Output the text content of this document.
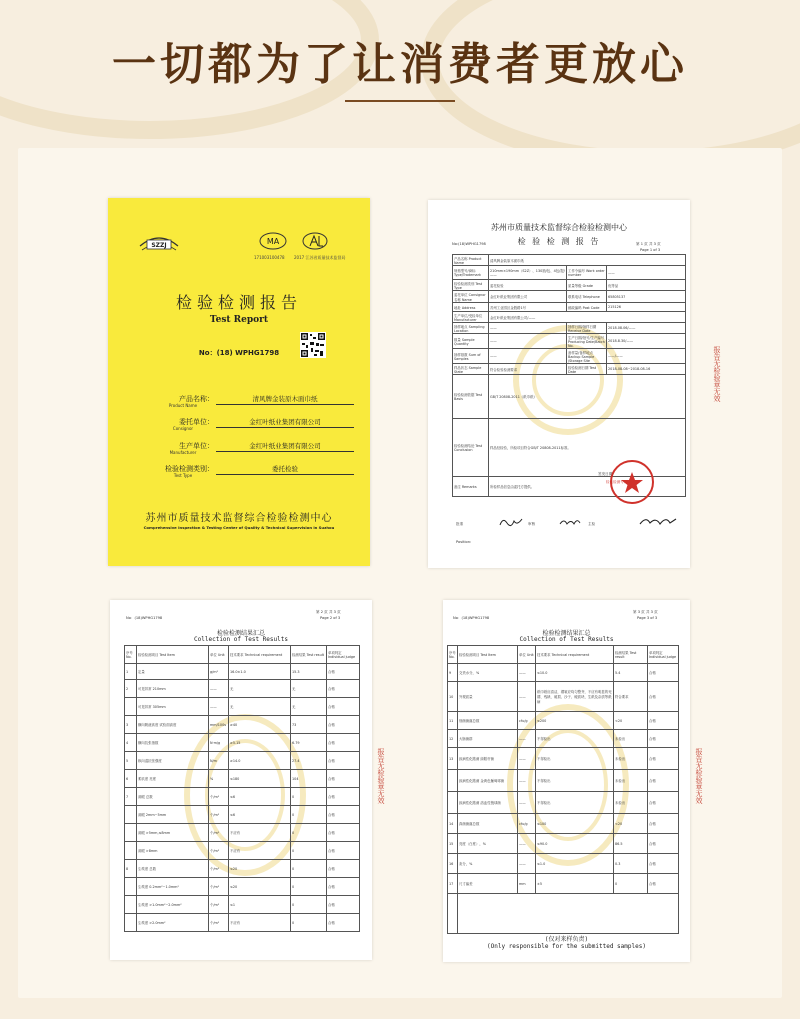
一切都为了让消费者更放心
SZZJ	MA
171003100478 2017 江苏省质量技术监督局
检验检测报告
Test Report
No：(18) WPHG1798
产品名称：
Product Name
清风牌金装原木面巾纸
委托单位：
Consignor
金红叶纸业集团有限公司
生产单位：
Manufacturer
金红叶纸业集团有限公司
检验检测类别：
Test Type
委托检验
苏州市质量技术监督综合检验检测中心
Comprehensive Inspection & Testing Center of Quality & Technical Supervision in Suzhou
苏州市质量技术监督综合检验检测中心
检 验 检 测 报 告
No:(18)WPHG1798	第 1 页 共 3 页
Page 1 of 3
产品名称 Product Name	清风牌金装原木面巾纸		
规格型号/商标 Type/Trademark	210mm×190mm（S2Z）、130抽/包、4包/提/——	工作令编号 Work order number	——
检验检测类别 Test Type	委托检验	质量等级 Grade	优等品
委托单位 Consignor 名称 Name	金红叶纸业集团有限公司	联系电话 Telephone	65805137
地址 Address	苏州工业园区金胜路1号	邮政编码 Post Code	215126
生产单位/受检单位 Manufacturer	金红叶纸业集团有限公司/——		
抽样地点 Sampling Location	——	抽样日期/抽样日期 Receive Date	2018.08.06/——
数量 Sample Quantity	——	生产日期/批号/生产编号 Producing Date/Batch No.	2018.8.30/——
抽样基数 Sum of Samples	——	备样量/备样地点 Backup Sample /Storage Site	——/——
样品状态 Sample State	符合检验检测要求	检验检测日期 Test Date	2018-08-08~2018-08-16
检验检测依据 Test Basis	GB/T 20808-2011《纸巾纸》		
检验检测结论 Test Conclusion	样品经检验，所检项目符合GB/T 20808-2011标准。		
备注 Remarks	所检样品信息由委托方提供。		
检验检测专用章
签发日期：
批准	审核	主检
Position:
报告无检验章无效
No：(18)WPHG1798
第 2 页 共 3 页
Page 2 of 3
检验检测结果汇总
Collection of Test Results
序号 No.	检验检测项目 Test Item	单位 Unit	技术要求 Technical requirement	检测结果 Test result	单项判定 Individual judge
1	定量	g/m²	16.0±1.0	15.3	合格
2	可见异常 210mm	——	无	无	合格
	可见异常 305mm	——	无	无	合格
3	横向吸液高度 试验面高度	mm/100s	≥40	73	合格
4	横向抗张指数	N·m/g	≥5.15	6.79	合格
5	纵向湿抗张强度	N/m	≥14.0	27.4	合格
6	柔软度 亮度	%	≤180	104	合格
7	洞眼 总数	个/m²	≤6	0	合格
	洞眼 2mm~5mm	个/m²	≤6	0	合格
	洞眼 >5mm,≤8mm	个/m²	不应有	0	合格
	洞眼 >8mm	个/m²	不应有	0	合格
8	尘埃度 总数	个/m²	≤20	0	合格
	尘埃度 0.2mm²~1.0mm²	个/m²	≤20	0	合格
	尘埃度 >1.0mm²~2.0mm²	个/m²	≤1	0	合格
	尘埃度 >2.0mm²	个/m²	不应有	0	合格
报告无检验章无效
No：(18)WPHG1798
第 3 页 共 3 页
Page 3 of 3
检验检测结果汇总
Collection of Test Results
序号 No.	检验检测项目 Test Item	单位 Unit	技术要求 Technical requirement	检测结果 Test result	单项判定 Individual judge
9	交货水分，%	——	≤10.0	5.4	合格
10	外观质量	——	纸巾纸应清洁，褶皱应均匀整齐，不应有明显的死褶、残缺、破损、沙子、硬质块、生纸及杂质等纸病	符合要求	合格
11	细菌菌落总数	cfu/g	≤200	<20	合格
12	大肠菌群	——	不得检出	未检出	合格
13	致病性化脓菌 绿脓杆菌	——	不得检出	未检出	合格
	致病性化脓菌 金黄色葡萄球菌	——	不得检出	未检出	合格
	致病性化脓菌 溶血性链球菌	——	不得检出	未检出	合格
14	真菌菌落总数	cfu/g	≤100	<20	合格
15	亮度（白度），%	——	≤90.0	86.5	合格
16	灰分，%	——	≤1.0	0.3	合格
17	尺寸偏差	mm	±5	0	合格

(仅对来样负责)
(Only responsible for the submitted samples)
报告无检验章无效
